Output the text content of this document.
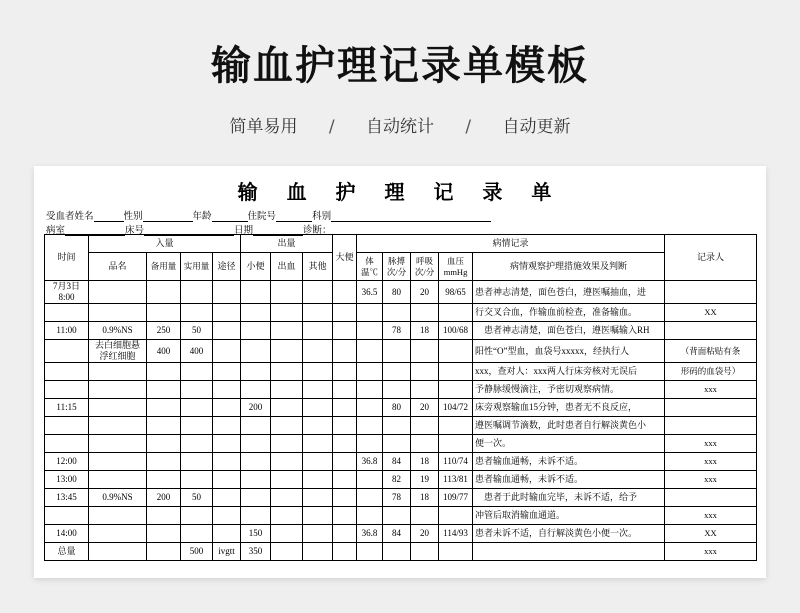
输血护理记录单模板
简单易用 / 自动统计 / 自动更新
输 血 护 理 记 录 单
受血者姓名	性别	年龄	住院号	科别
病室	床号	日期	诊断：
时间	入量				出量			大便	病情记录					记录人
	品名	备用量	实用量	途径	小便	出血	其他		体温℃	脉搏次/分	呼吸次/分	血压mmHg	病情观察护理措施效果及判断	
7月3日 8:00									36.5	80	20	98/65	患者神志清楚，面色苍白，遵医嘱抽血，进	
													行交叉合血，作输血前检查，准备输血。	XX
11:00	0.9%NS	250	50							78	18	100/68	　患者神志清楚，面色苍白，遵医嘱输入RH	
	去白细胞悬浮红细胞	400	400										阳性“O”型血，血袋号xxxxx，经执行人	（背面粘贴有条
													xxx，查对人：xxx两人行床旁核对无误后	形码的血袋号）
													予静脉缓慢滴注，予密切观察病情。	xxx
11:15					200					80	20	104/72	床旁观察输血15分钟，患者无不良反应，	
													遵医嘱调节滴数，此时患者自行解淡黄色小	
													便一次。	xxx
12:00									36.8	84	18	110/74	患者输血通畅，未诉不适。	xxx
13:00										82	19	113/81	患者输血通畅，未诉不适。	xxx
13:45	0.9%NS	200	50							78	18	109/77	　患者于此时输血完毕，未诉不适，给予	
													冲管后取消输血通道。	xxx
14:00					150				36.8	84	20	114/93	患者未诉不适，自行解淡黄色小便一次。	XX
总量			500	ivgtt	350									xxx
